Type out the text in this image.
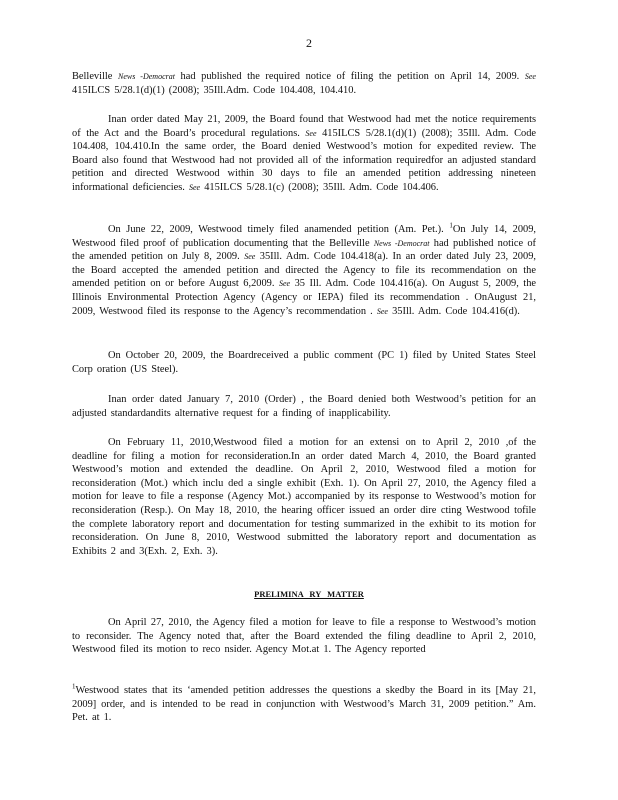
2
Belleville News -Democrat had published the required notice of filing the petition on April 14, 2009. See 415ILCS 5/28.1(d)(1) (2008); 35Ill.Adm. Code 104.408, 104.410.
Inan order dated May 21, 2009, the Board found that Westwood had met the notice requirements of the Act and the Board’s procedural regulations. See 415ILCS 5/28.1(d)(1) (2008); 35Ill. Adm. Code 104.408, 104.410.In the same order, the Board denied Westwood’s motion for expedited review. The Board also found that Westwood had not provided all of the information requiredfor an adjusted standard petition and directed Westwood within 30 days to file an amended petition addressing nineteen informational deficiencies. See 415ILCS 5/28.1(c) (2008); 35Ill. Adm. Code 104.406.
On June 22, 2009, Westwood timely filed anamended petition (Am. Pet.). $^1$On July 14, 2009, Westwood filed proof of publication documenting that the Belleville News -Democrat had published notice of the amended petition on July 8, 2009. See 35Ill. Adm. Code 104.418(a). In an order dated July 23, 2009, the Board accepted the amended petition and directed the Agency to file its recommendation on the amended petition on or before August 6,2009. See 35 Ill. Adm. Code 104.416(a). On August 5, 2009, the Illinois Environmental Protection Agency (Agency or IEPA) filed its recommendation . OnAugust 21, 2009, Westwood filed its response to the Agency’s recommendation . See 35Ill. Adm. Code 104.416(d).
On October 20, 2009, the Boardreceived a public comment (PC 1) filed by United States Steel Corp oration (US Steel).
Inan order dated January 7, 2010 (Order) , the Board denied both Westwood’s petition for an adjusted standardandits alternative request for a finding of inapplicability.
On February 11, 2010,Westwood filed a motion for an extensi on to April 2, 2010 ,of the deadline for filing a motion for reconsideration.In an order dated March 4, 2010, the Board granted Westwood’s motion and extended the deadline. On April 2, 2010, Westwood filed a motion for reconsideration (Mot.) which inclu ded a single exhibit (Exh. 1). On April 27, 2010, the Agency filed a motion for leave to file a response (Agency Mot.) accompanied by its response to Westwood’s motion for reconsideration (Resp.). On May 18, 2010, the hearing officer issued an order dire cting Westwood tofile the complete laboratory report and documentation for testing summarized in the exhibit to its motion for reconsideration. On June 8, 2010, Westwood submitted the laboratory report and documentation as Exhibits 2 and 3(Exh. 2, Exh. 3).
PRELIMINA RY MATTER
On April 27, 2010, the Agency filed a motion for leave to file a response to Westwood’s motion to reconsider. The Agency noted that, after the Board extended the filing deadline to April 2, 2010, Westwood filed its motion to reco nsider. Agency Mot.at 1. The Agency reported
$^1$Westwood states that its ‘amended petition addresses the questions a skedby the Board in its [May 21, 2009] order, and is intended to be read in conjunction with Westwood’s March 31, 2009 petition.” Am. Pet. at 1.
